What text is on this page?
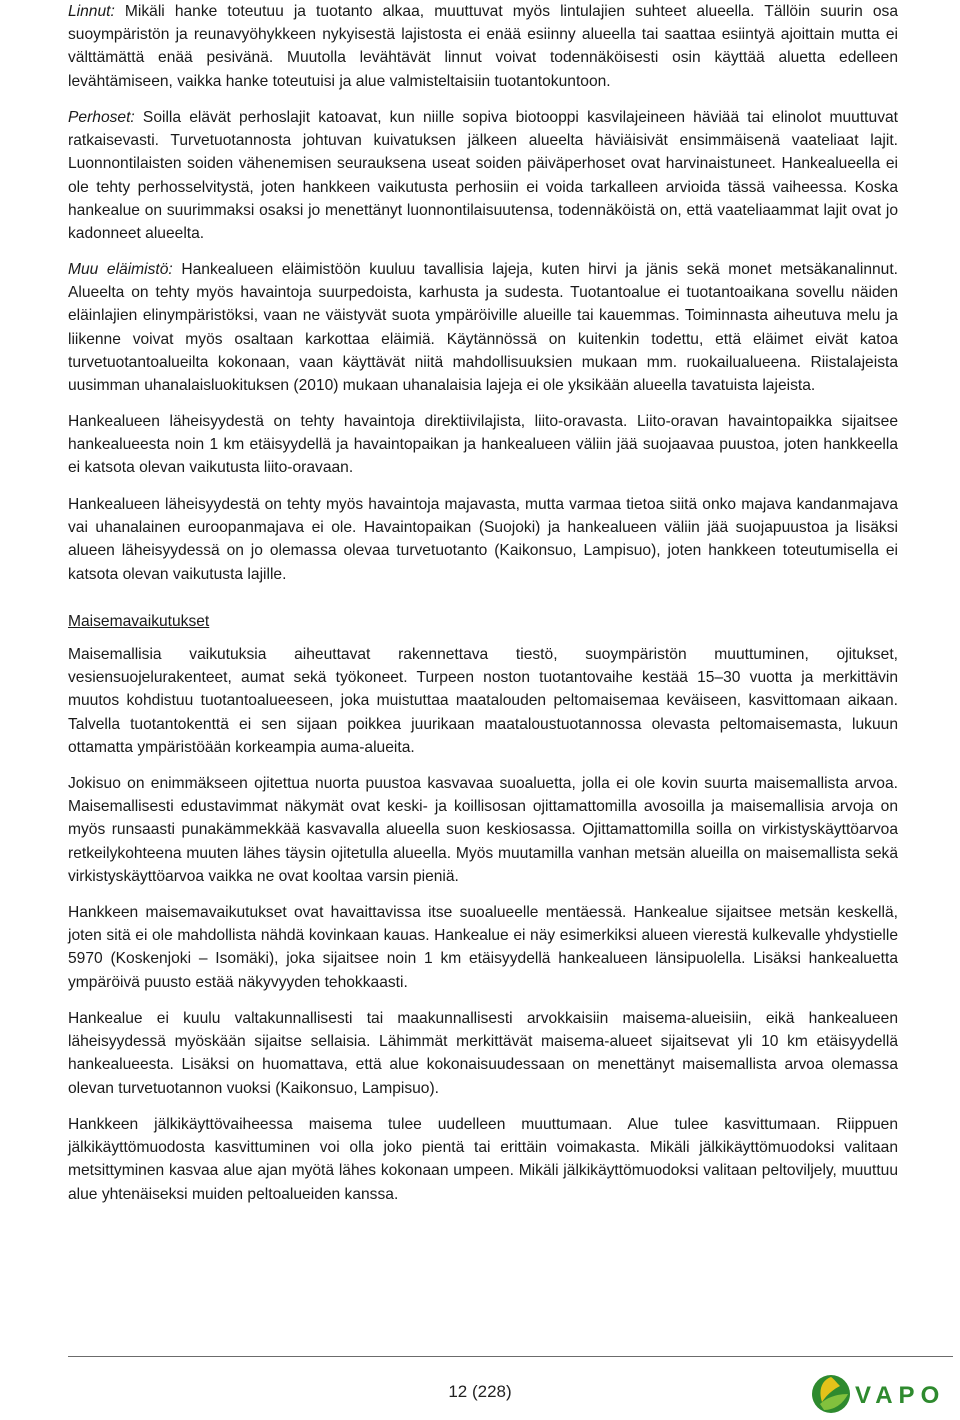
Linnut: Mikäli hanke toteutuu ja tuotanto alkaa, muuttuvat myös lintulajien suhteet alueella. Tällöin suurin osa suoympäristön ja reunavyöhykkeen nykyisestä lajistosta ei enää esiinny alueella tai saattaa esiintyä ajoittain mutta ei välttämättä enää pesivänä. Muutolla levähtävät linnut voivat todennäköisesti osin käyttää aluetta edelleen levähtämiseen, vaikka hanke toteutuisi ja alue valmisteltaisiin tuotantokuntoon.

Perhoset: Soilla elävät perhoslajit katoavat, kun niille sopiva biotooppi kasvilajeineen häviää tai elinolot muuttuvat ratkaisevasti. Turvetuotannosta johtuvan kuivatuksen jälkeen alueelta häviäisivät ensimmäisenä vaateliaat lajit. Luonnontilaisten soiden vähenemisen seurauksena useat soiden päiväperhoset ovat harvinaistuneet. Hankealueella ei ole tehty perhosselvitystä, joten hankkeen vaikutusta perhosiin ei voida tarkalleen arvioida tässä vaiheessa. Koska hankealue on suurimmaksi osaksi jo menettänyt luonnontilaisuutensa, todennäköistä on, että vaateliaammat lajit ovat jo kadonneet alueelta.

Muu eläimistö: Hankealueen eläimistöön kuuluu tavallisia lajeja, kuten hirvi ja jänis sekä monet metsäkanalinnut. Alueelta on tehty myös havaintoja suurpedoista, karhusta ja sudesta. Tuotantoalue ei tuotantoaikana sovellu näiden eläinlajien elinympäristöksi, vaan ne väistyvät suota ympäröiville alueille tai kauemmas. Toiminnasta aiheutuva melu ja liikenne voivat myös osaltaan karkottaa eläimiä. Käytännössä on kuitenkin todettu, että eläimet eivät katoa turvetuotantoalueilta kokonaan, vaan käyttävät niitä mahdollisuuksien mukaan mm. ruokailualueena. Riistalajeista uusimman uhanalaisluokituksen (2010) mukaan uhanalaisia lajeja ei ole yksikään alueella tavatuista lajeista.

Hankealueen läheisyydestä on tehty havaintoja direktiivilajista, liito-oravasta. Liito-oravan havaintopaikka sijaitsee hankealueesta noin 1 km etäisyydellä ja havaintopaikan ja hankealueen väliin jää suojaavaa puustoa, joten hankkeella ei katsota olevan vaikutusta liito-oravaan.

Hankealueen läheisyydestä on tehty myös havaintoja majavasta, mutta varmaa tietoa siitä onko majava kandanmajava vai uhanalainen euroopanmajava ei ole. Havaintopaikan (Suojoki) ja hankealueen väliin jää suojapuustoa ja lisäksi alueen läheisyydessä on jo olemassa olevaa turvetuotanto (Kaikonsuo, Lampisuo), joten hankkeen toteutumisella ei katsota olevan vaikutusta lajille.

Maisemavaikutukset

Maisemallisia vaikutuksia aiheuttavat rakennettava tiestö, suoympäristön muuttuminen, ojitukset, vesiensuojelurakenteet, aumat sekä työkoneet. Turpeen noston tuotantovaihe kestää 15–30 vuotta ja merkittävin muutos kohdistuu tuotantoalueeseen, joka muistuttaa maatalouden peltomaisemaa keväiseen, kasvittomaan aikaan. Talvella tuotantokenttä ei sen sijaan poikkea juurikaan maataloustuotannossa olevasta peltomaisemasta, lukuun ottamatta ympäristöään korkeampia auma-alueita.

Jokisuo on enimmäkseen ojitettua nuorta puustoa kasvavaa suoaluetta, jolla ei ole kovin suurta maisemallista arvoa. Maisemallisesti edustavimmat näkymät ovat keski- ja koillisosan ojittamattomilla avosoilla ja maisemallisia arvoja on myös runsaasti punakämmekkää kasvavalla alueella suon keskiosassa. Ojittamattomilla soilla on virkistyskäyttöarvoa retkeilykohteena muuten lähes täysin ojitetulla alueella. Myös muutamilla vanhan metsän alueilla on maisemallista sekä virkistyskäyttöarvoa vaikka ne ovat kooltaa varsin pieniä.

Hankkeen maisemavaikutukset ovat havaittavissa itse suoalueelle mentäessä. Hankealue sijaitsee metsän keskellä, joten sitä ei ole mahdollista nähdä kovinkaan kauas. Hankealue ei näy esimerkiksi alueen vierestä kulkevalle yhdystielle 5970 (Koskenjoki – Isomäki), joka sijaitsee noin 1 km etäisyydellä hankealueen länsipuolella. Lisäksi hankealuetta ympäröivä puusto estää näkyvyyden tehokkaasti.

Hankealue ei kuulu valtakunnallisesti tai maakunnallisesti arvokkaisiin maisema-alueisiin, eikä hankealueen läheisyydessä myöskään sijaitse sellaisia. Lähimmät merkittävät maisema-alueet sijaitsevat yli 10 km etäisyydellä hankealueesta. Lisäksi on huomattava, että alue kokonaisuudessaan on menettänyt maisemallista arvoa olemassa olevan turvetuotannon vuoksi (Kaikonsuo, Lampisuo).

Hankkeen jälkikäyttövaiheessa maisema tulee uudelleen muuttumaan. Alue tulee kasvittumaan. Riippuen jälkikäyttömuodosta kasvittuminen voi olla joko pientä tai erittäin voimakasta. Mikäli jälkikäyttömuodoksi valitaan metsittyminen kasvaa alue ajan myötä lähes kokonaan umpeen. Mikäli jälkikäyttömuodoksi valitaan peltoviljely, muuttuu alue yhtenäiseksi muiden peltoalueiden kanssa.

12 (228)	VAPO
